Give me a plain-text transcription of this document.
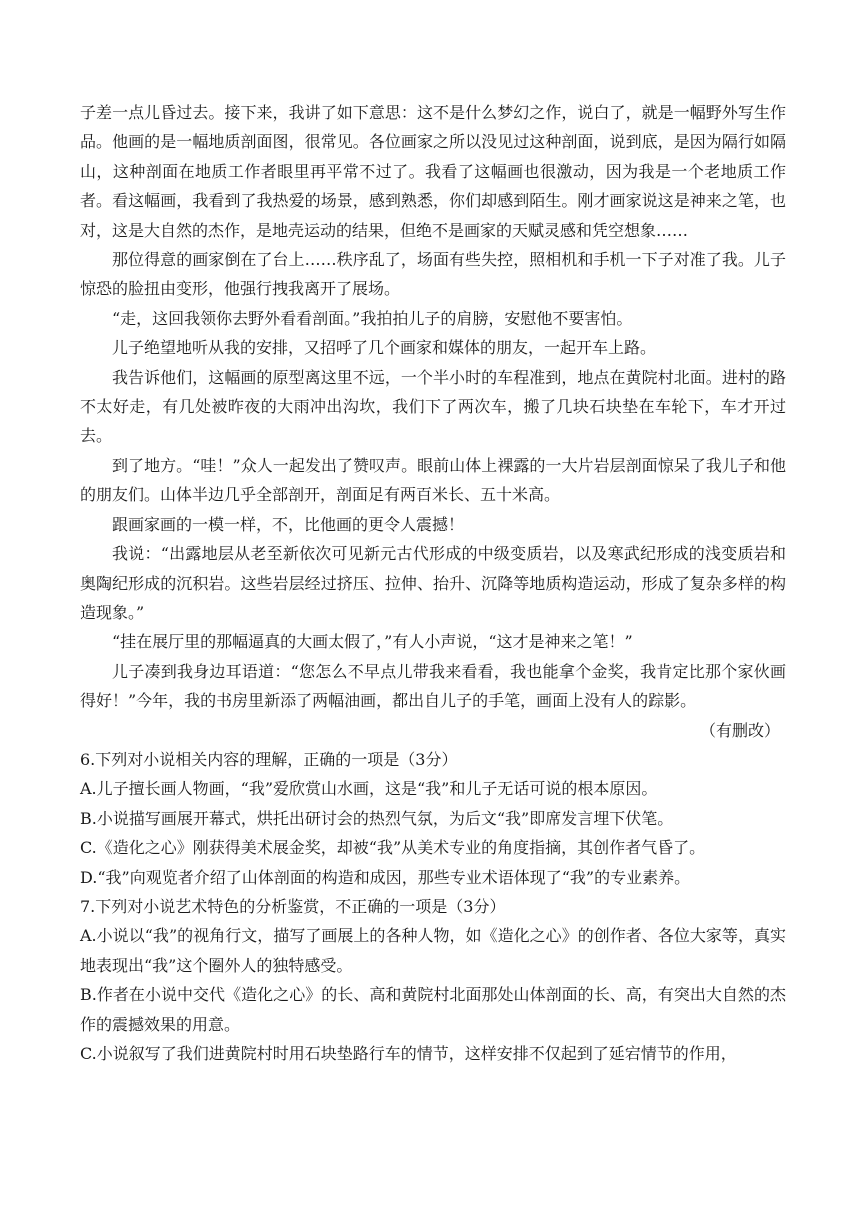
子差一点儿昏过去。接下来，我讲了如下意思：这不是什么梦幻之作，说白了，就是一幅野外写生作品。他画的是一幅地质剖面图，很常见。各位画家之所以没见过这种剖面，说到底，是因为隔行如隔山，这种剖面在地质工作者眼里再平常不过了。我看了这幅画也很激动，因为我是一个老地质工作者。看这幅画，我看到了我热爱的场景，感到熟悉，你们却感到陌生。刚才画家说这是神来之笔，也对，这是大自然的杰作，是地壳运动的结果，但绝不是画家的天赋灵感和凭空想象……

那位得意的画家倒在了台上……秩序乱了，场面有些失控，照相机和手机一下子对准了我。儿子惊恐的脸扭由变形，他强行拽我离开了展场。

“走，这回我领你去野外看看剖面。”我拍拍儿子的肩膀，安慰他不要害怕。

儿子绝望地听从我的安排，又招呼了几个画家和媒体的朋友，一起开车上路。

我告诉他们，这幅画的原型离这里不远，一个半小时的车程准到，地点在黄院村北面。进村的路不太好走，有几处被昨夜的大雨冲出沟坎，我们下了两次车，搬了几块石块垫在车轮下，车才开过去。

到了地方。“哇！”众人一起发出了赞叹声。眼前山体上裸露的一大片岩层剖面惊呆了我儿子和他的朋友们。山体半边几乎全部剖开，剖面足有两百米长、五十米高。

跟画家画的一模一样，不，比他画的更令人震撼！

我说：“出露地层从老至新依次可见新元古代形成的中级变质岩，以及寒武纪形成的浅变质岩和奥陶纪形成的沉积岩。这些岩层经过挤压、拉伸、抬升、沉降等地质构造运动，形成了复杂多样的构造现象。”

“挂在展厅里的那幅逼真的大画太假了，”有人小声说，“这才是神来之笔！”

儿子凑到我身边耳语道：“您怎么不早点儿带我来看看，我也能拿个金奖，我肯定比那个家伙画得好！”今年，我的书房里新添了两幅油画，都出自儿子的手笔，画面上没有人的踪影。

（有删改）

6.下列对小说相关内容的理解，正确的一项是（3分）

A.儿子擅长画人物画，“我”爱欣赏山水画，这是“我”和儿子无话可说的根本原因。

B.小说描写画展开幕式，烘托出研讨会的热烈气氛，为后文“我”即席发言埋下伏笔。

C.《造化之心》刚获得美术展金奖，却被“我”从美术专业的角度指摘，其创作者气昏了。

D.“我”向观览者介绍了山体剖面的构造和成因，那些专业术语体现了“我”的专业素养。

7.下列对小说艺术特色的分析鉴赏，不正确的一项是（3分）

A.小说以“我”的视角行文，描写了画展上的各种人物，如《造化之心》的创作者、各位大家等，真实地表现出“我”这个圈外人的独特感受。

B.作者在小说中交代《造化之心》的长、高和黄院村北面那处山体剖面的长、高，有突出大自然的杰作的震撼效果的用意。

C.小说叙写了我们进黄院村时用石块垫路行车的情节，这样安排不仅起到了延宕情节的作用，
